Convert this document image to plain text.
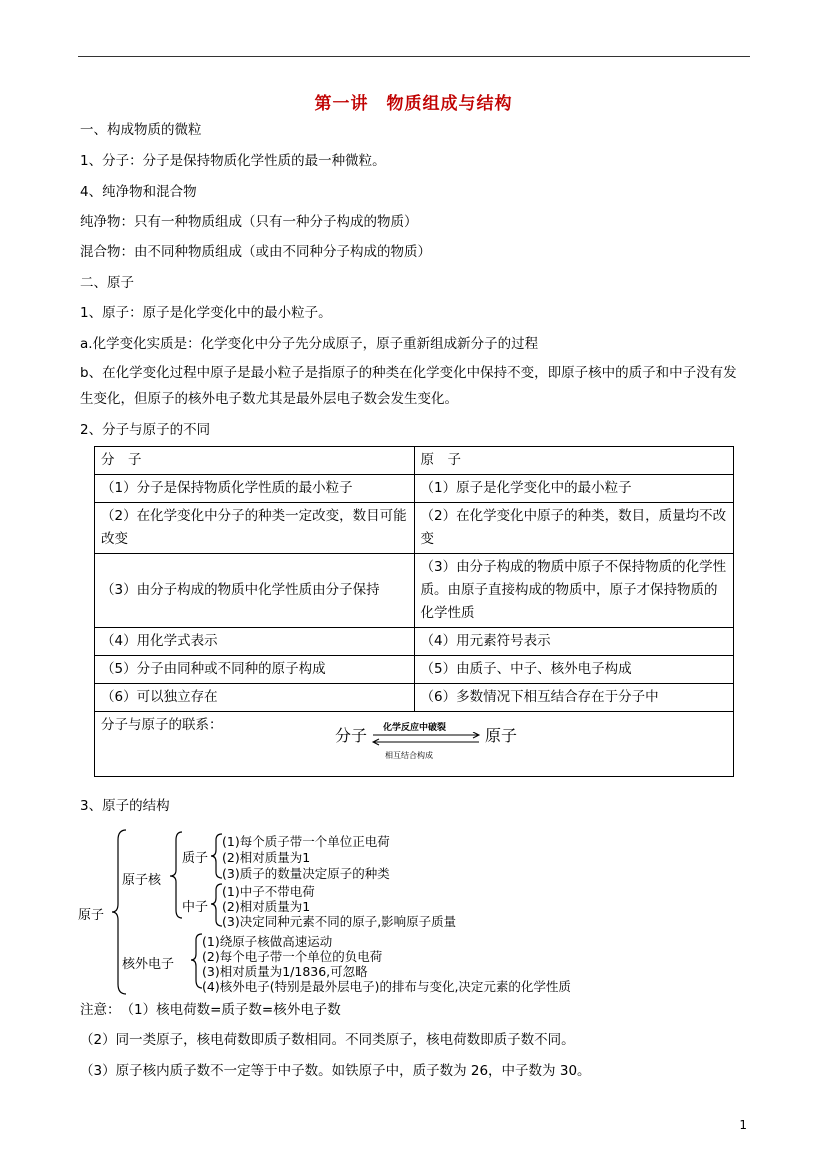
第一讲　物质组成与结构
一、构成物质的微粒
1、分子：分子是保持物质化学性质的最一种微粒。
4、纯净物和混合物
纯净物：只有一种物质组成（只有一种分子构成的物质）
混合物：由不同种物质组成（或由不同种分子构成的物质）
二、原子
1、原子：原子是化学变化中的最小粒子。
a.化学变化实质是：化学变化中分子先分成原子，原子重新组成新分子的过程
b、在化学变化过程中原子是最小粒子是指原子的种类在化学变化中保持不变，即原子核中的质子和中子没有发生变化，但原子的核外电子数尤其是最外层电子数会发生变化。
2、分子与原子的不同
分　子	原　子
（1）分子是保持物质化学性质的最小粒子	（1）原子是化学变化中的最小粒子
（2）在化学变化中分子的种类一定改变，数目可能改变	（2）在化学变化中原子的种类，数目，质量均不改变
（3）由分子构成的物质中化学性质由分子保持	（3）由分子构成的物质中原子不保持物质的化学性质。由原子直接构成的物质中，原子才保持物质的化学性质
（4）用化学式表示	（4）用元素符号表示
（5）分子由同种或不同种的原子构成	（5）由质子、中子、核外电子构成
（6）可以独立存在	（6）多数情况下相互结合存在于分子中
分子与原子的联系：
分子 化学反应中破裂
相互结合构成
原子	
3、原子的结构
原子
原子核
质子
中子
核外电子
(1)每个质子带一个单位正电荷
(2)相对质量为1
(3)质子的数量决定原子的种类
(1)中子不带电荷
(2)相对质量为1
(3)决定同种元素不同的原子,影响原子质量
(1)绕原子核做高速运动
(2)每个电子带一个单位的负电荷
(3)相对质量为1/1836,可忽略
(4)核外电子(特别是最外层电子)的排布与变化,决定元素的化学性质
注意：　（1）核电荷数=质子数=核外电子数
（2）同一类原子，核电荷数即质子数相同。不同类原子，核电荷数即质子数不同。
（3）原子核内质子数不一定等于中子数。如铁原子中，质子数为 26，中子数为 30。
1
